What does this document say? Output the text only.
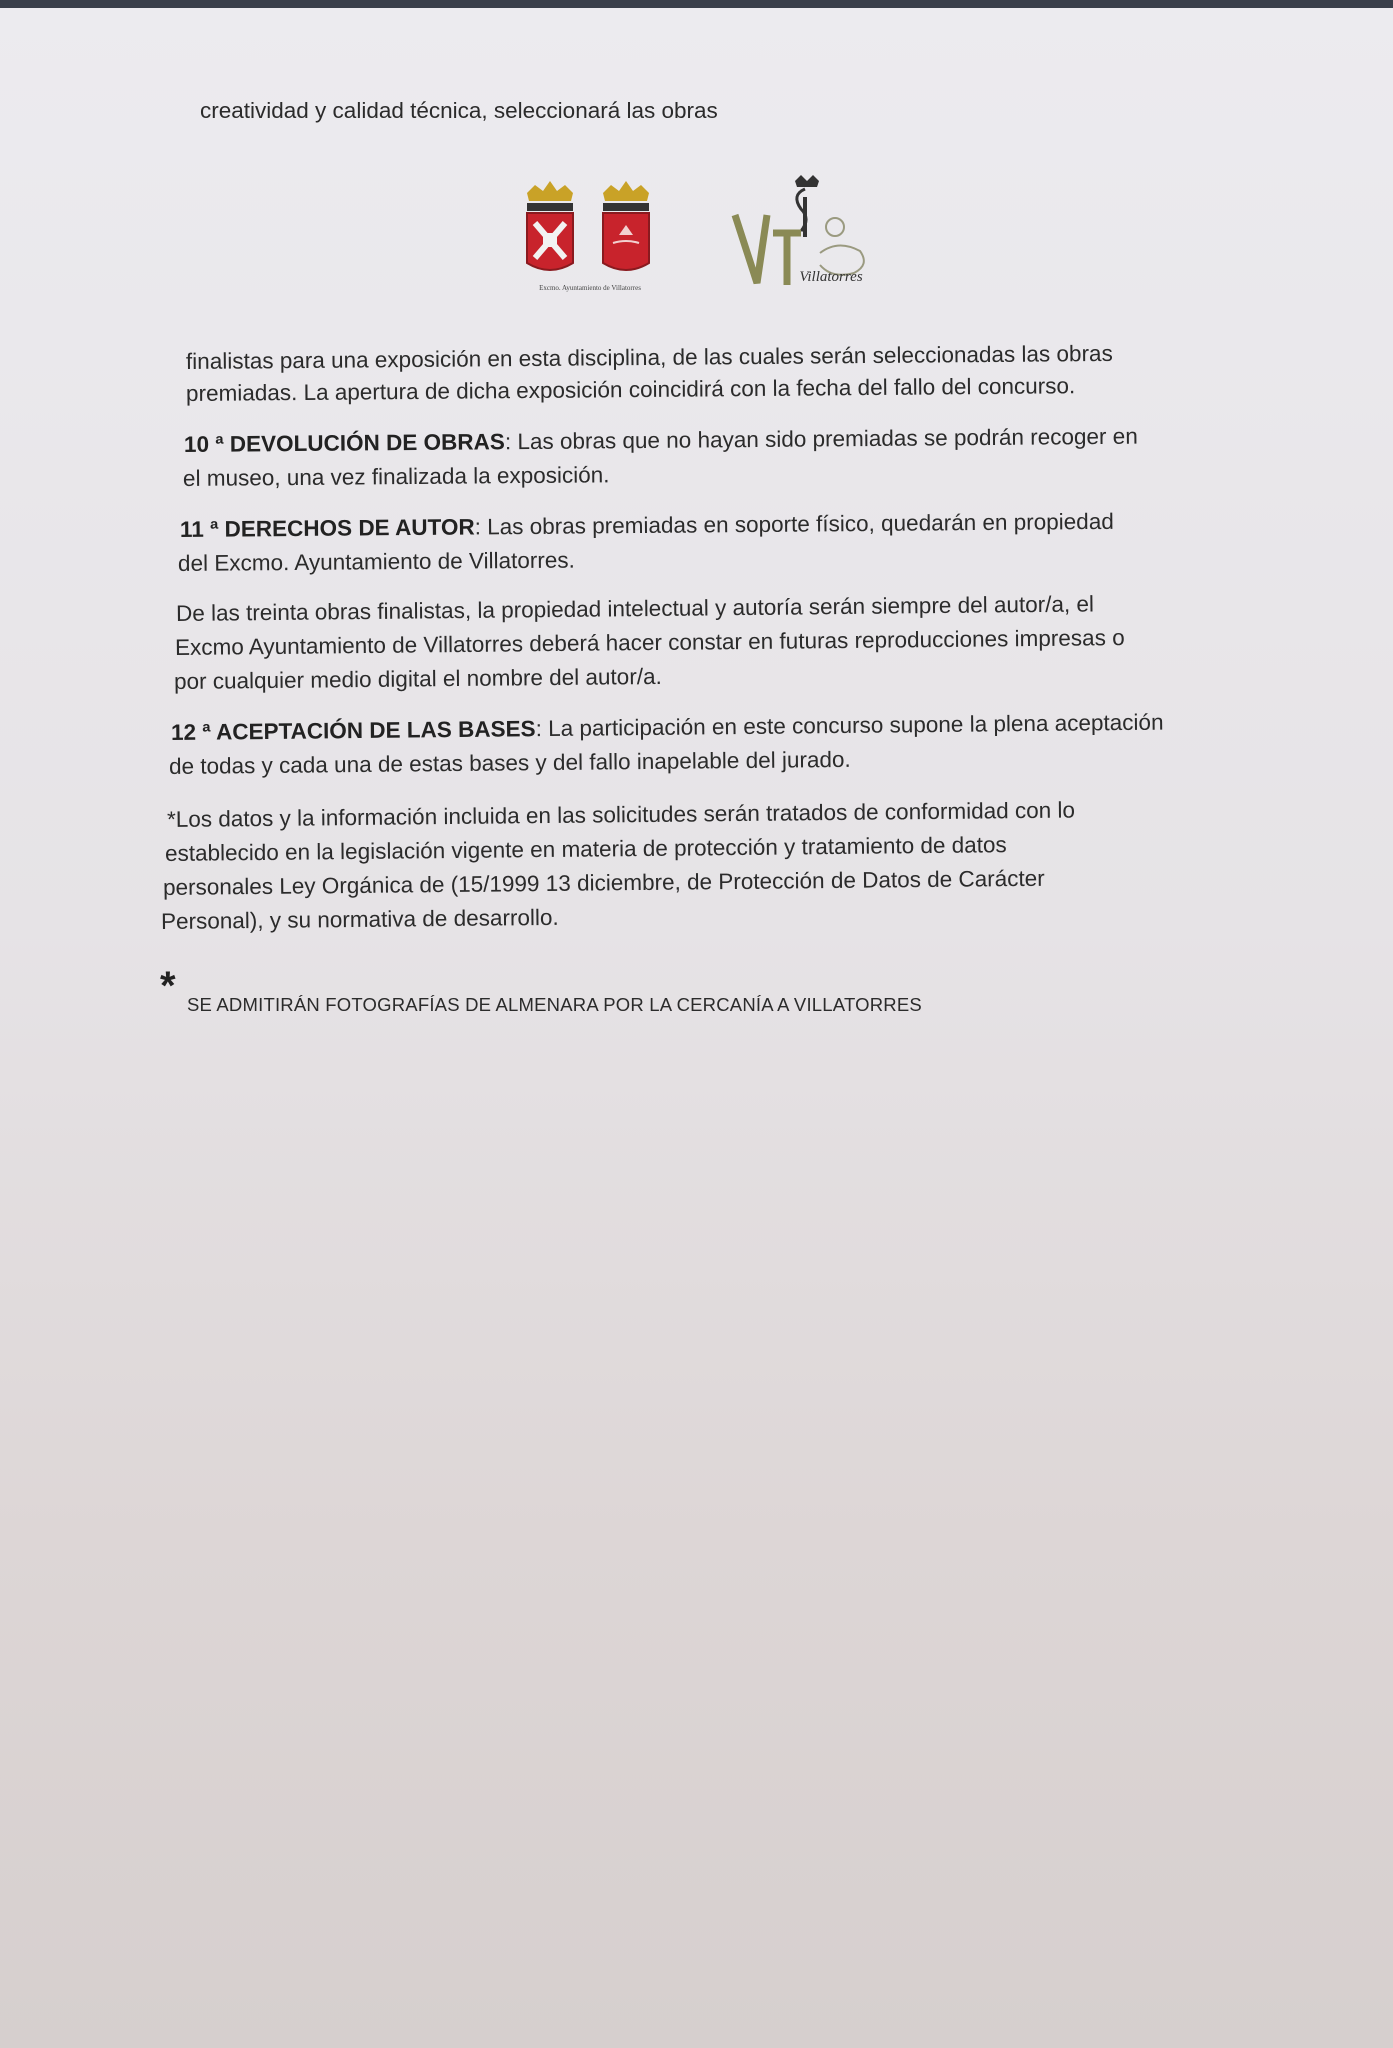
creatividad y calidad técnica, seleccionará las obras
Excmo. Ayuntamiento de Villatorres
Villatorres
finalistas para una exposición en esta disciplina, de las cuales serán seleccionadas las obras
premiadas. La apertura de dicha exposición coincidirá con la fecha del fallo del concurso.
10 ª DEVOLUCIÓN DE OBRAS: Las obras que no hayan sido premiadas se podrán recoger en
el museo, una vez finalizada la exposición.
11 ª DERECHOS DE AUTOR: Las obras premiadas en soporte físico, quedarán en propiedad
del Excmo. Ayuntamiento de Villatorres.
De las treinta obras finalistas, la propiedad intelectual y autoría serán siempre del autor/a, el
Excmo Ayuntamiento de Villatorres deberá hacer constar en futuras reproducciones impresas o
por cualquier medio digital el nombre del autor/a.
12 ª ACEPTACIÓN DE LAS BASES: La participación en este concurso supone la plena aceptación
de todas y cada una de estas bases y del fallo inapelable del jurado.
*Los datos y la información incluida en las solicitudes serán tratados de conformidad con lo
establecido en la legislación vigente en materia de protección y tratamiento de datos
personales Ley Orgánica de (15/1999 13 diciembre, de Protección de Datos de Carácter
Personal), y su normativa de desarrollo.
* SE ADMITIRÁN FOTOGRAFÍAS DE ALMENARA POR LA CERCANÍA A VILLATORRES
